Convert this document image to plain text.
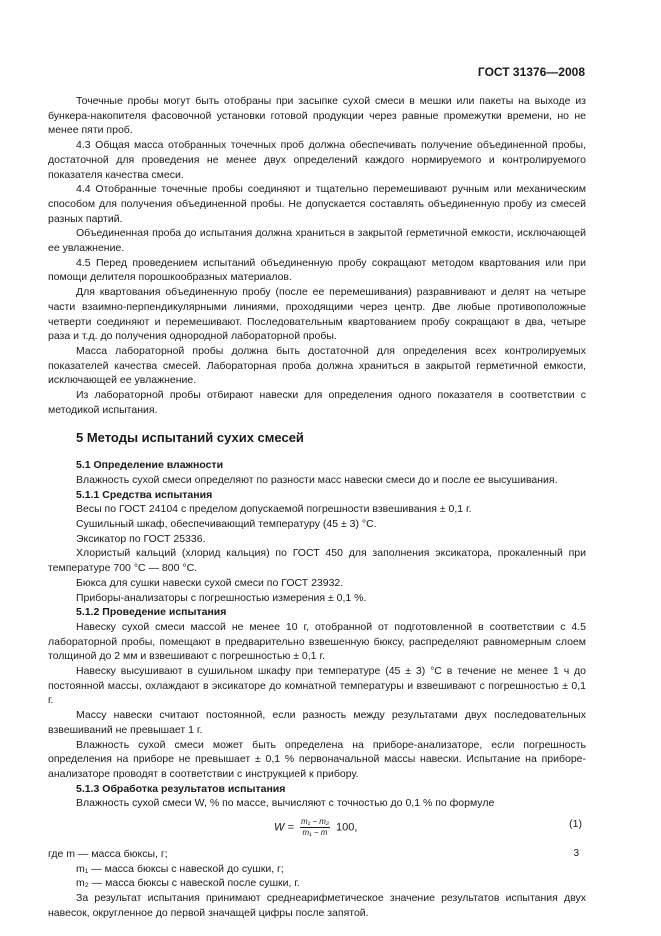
ГОСТ 31376—2008

Точечные пробы могут быть отобраны при засыпке сухой смеси в мешки или пакеты на выходе из бункера-накопителя фасовочной установки готовой продукции через равные промежутки времени, но не менее пяти проб.

4.3 Общая масса отобранных точечных проб должна обеспечивать получение объединенной пробы, достаточной для проведения не менее двух определений каждого нормируемого и контролируемого показателя качества смеси.

4.4 Отобранные точечные пробы соединяют и тщательно перемешивают ручным или механическим способом для получения объединенной пробы. Не допускается составлять объединенную пробу из смесей разных партий.

Объединенная проба до испытания должна храниться в закрытой герметичной емкости, исключающей ее увлажнение.

4.5 Перед проведением испытаний объединенную пробу сокращают методом квартования или при помощи делителя порошкообразных материалов.

Для квартования объединенную пробу (после ее перемешивания) разравнивают и делят на четыре части взаимно-перпендикулярными линиями, проходящими через центр. Две любые противоположные четверти соединяют и перемешивают. Последовательным квартованием пробу сокращают в два, четыре раза и т.д. до получения однородной лабораторной пробы.

Масса лабораторной пробы должна быть достаточной для определения всех контролируемых показателей качества смесей. Лабораторная проба должна храниться в закрытой герметичной емкости, исключающей ее увлажнение.

Из лабораторной пробы отбирают навески для определения одного показателя в соответствии с методикой испытания.

5 Методы испытаний сухих смесей

5.1 Определение влажности

Влажность сухой смеси определяют по разности масс навески смеси до и после ее высушивания.

5.1.1 Средства испытания

Весы по ГОСТ 24104 с пределом допускаемой погрешности взвешивания ± 0,1 г.

Сушильный шкаф, обеспечивающий температуру (45 ± 3) °С.

Эксикатор по ГОСТ 25336.

Хлористый кальций (хлорид кальция) по ГОСТ 450 для заполнения эксикатора, прокаленный при температуре 700 °С — 800 °С.

Бюкса для сушки навески сухой смеси по ГОСТ 23932.

Приборы-анализаторы с погрешностью измерения ± 0,1 %.

5.1.2 Проведение испытания

Навеску сухой смеси массой не менее 10 г, отобранной от подготовленной в соответствии с 4.5 лабораторной пробы, помещают в предварительно взвешенную бюксу, распределяют равномерным слоем толщиной до 2 мм и взвешивают с погрешностью ± 0,1 г.

Навеску высушивают в сушильном шкафу при температуре (45 ± 3) °С в течение не менее 1 ч до постоянной массы, охлаждают в эксикаторе до комнатной температуры и взвешивают с погрешностью ± 0,1 г.

Массу навески считают постоянной, если разность между результатами двух последовательных взвешиваний не превышает 1 г.

Влажность сухой смеси может быть определена на приборе-анализаторе, если погрешность определения на приборе не превышает ± 0,1 % первоначальной массы навески. Испытание на приборе-анализаторе проводят в соответствии с инструкцией к прибору.

5.1.3 Обработка результатов испытания

Влажность сухой смеси W, % по массе, вычисляют с точностью до 0,1 % по формуле

$W = \frac{\text{m₁ − m₂}}{\text{m₁ − m}} 100$,	(1)

где m — масса бюксы, г;

m₁ — масса бюксы с навеской до сушки, г;

m₂ — масса бюксы с навеской после сушки, г.

За результат испытания принимают среднеарифметическое значение результатов испытания двух навесок, округленное до первой значащей цифры после запятой.

3
